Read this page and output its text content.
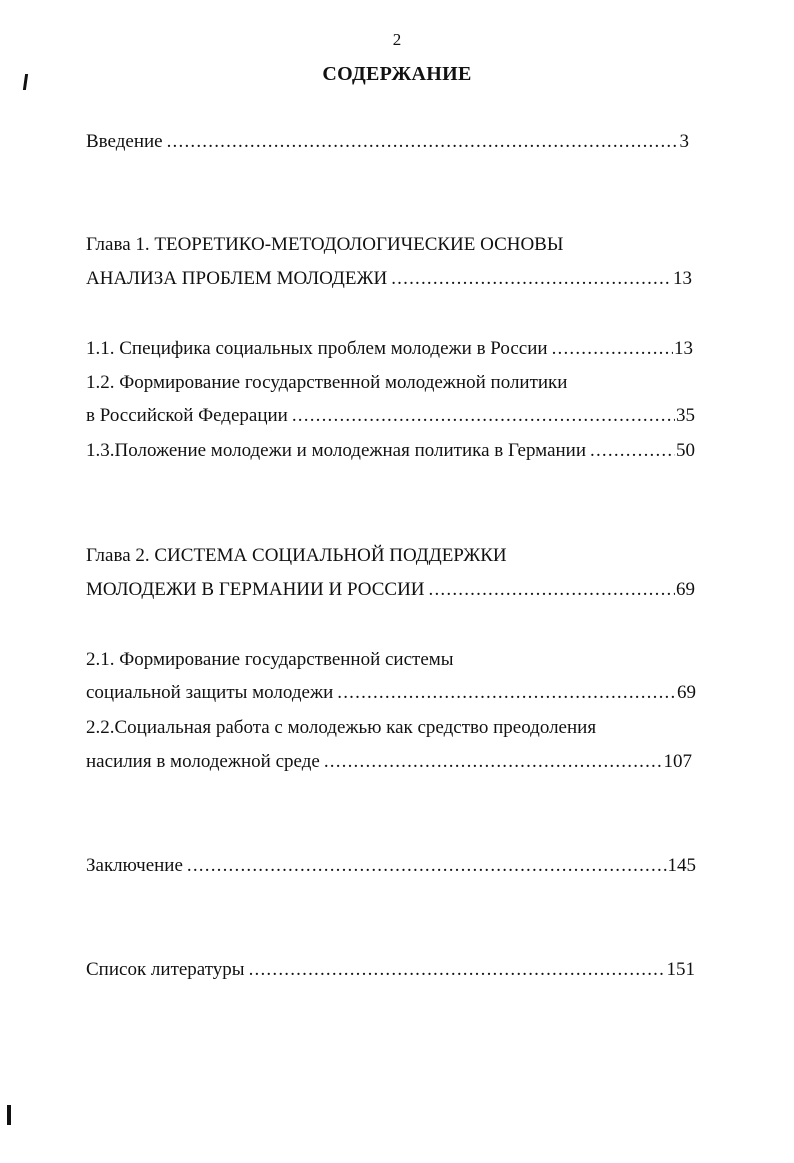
2
СОДЕРЖАНИЕ
Введение .....	3
Глава 1. ТЕОРЕТИКО-МЕТОДОЛОГИЧЕСКИЕ ОСНОВЫ
АНАЛИЗА ПРОБЛЕМ МОЛОДЕЖИ .....	13
1.1. Специфика социальных проблем молодежи в России .....	13
1.2. Формирование государственной молодежной политики
в Российской Федерации .....	35
1.3.Положение молодежи и молодежная политика в Германии .....	50
Глава 2. СИСТЕМА СОЦИАЛЬНОЙ ПОДДЕРЖКИ
МОЛОДЕЖИ В ГЕРМАНИИ И РОССИИ .....	69
2.1. Формирование государственной системы
социальной защиты молодежи .....	69
2.2.Социальная работа с молодежью как средство преодоления
насилия в молодежной среде .....	107
Заключение .....	145
Список литературы .....	151
